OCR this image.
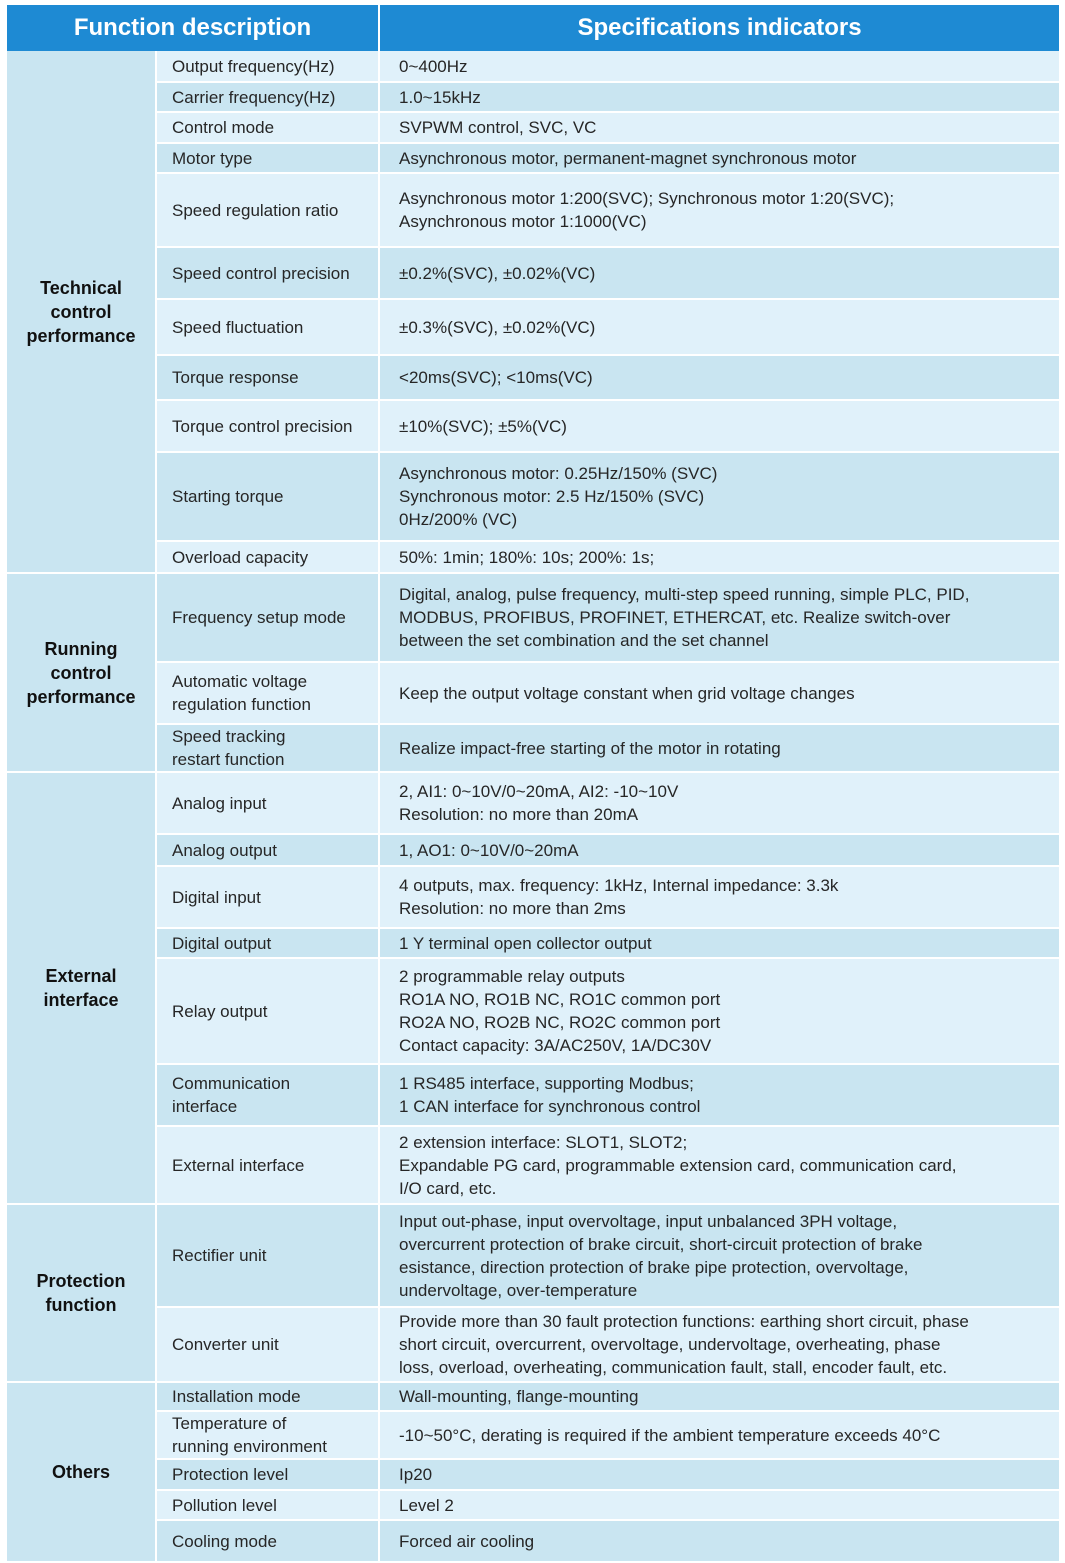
Function description		Specifications indicators

Technical
control
performance	Output frequency(Hz)	0~400Hz
	Carrier frequency(Hz)	1.0~15kHz
	Control mode	SVPWM control, SVC, VC
	Motor type	Asynchronous motor, permanent-magnet synchronous motor
	Speed regulation ratio	Asynchronous motor 1:200(SVC); Synchronous motor 1:20(SVC);
Asynchronous motor 1:1000(VC)
	Speed control precision	±0.2%(SVC), ±0.02%(VC)
	Speed fluctuation	±0.3%(SVC), ±0.02%(VC)
	Torque response	<20ms(SVC); <10ms(VC)
	Torque control precision	±10%(SVC); ±5%(VC)
	Starting torque	Asynchronous motor: 0.25Hz/150% (SVC)
Synchronous motor: 2.5 Hz/150% (SVC)
0Hz/200% (VC)
	Overload capacity	50%: 1min; 180%: 10s; 200%: 1s;

Running
control
performance	Frequency setup mode	Digital, analog, pulse frequency, multi-step speed running, simple PLC, PID,
MODBUS, PROFIBUS, PROFINET, ETHERCAT, etc. Realize switch-over
between the set combination and the set channel
	Automatic voltage
regulation function	Keep the output voltage constant when grid voltage changes
	Speed tracking
restart function	Realize impact-free starting of the motor in rotating

External
interface	Analog input	2, AI1: 0~10V/0~20mA, AI2: -10~10V
Resolution: no more than 20mA
	Analog output	1, AO1: 0~10V/0~20mA
	Digital input	4 outputs, max. frequency: 1kHz, Internal impedance: 3.3k
Resolution: no more than 2ms
	Digital output	1 Y terminal open collector output
	Relay output	2 programmable relay outputs
RO1A NO, RO1B NC, RO1C common port
RO2A NO, RO2B NC, RO2C common port
Contact capacity: 3A/AC250V, 1A/DC30V
	Communication
interface	1 RS485 interface, supporting Modbus;
1 CAN interface for synchronous control
	External interface	2 extension interface: SLOT1, SLOT2;
Expandable PG card, programmable extension card, communication card,
I/O card, etc.

Protection
function	Rectifier unit	Input out-phase, input overvoltage, input unbalanced 3PH voltage,
overcurrent protection of brake circuit, short-circuit protection of brake
esistance, direction protection of brake pipe protection, overvoltage,
undervoltage, over-temperature
	Converter unit	Provide more than 30 fault protection functions: earthing short circuit, phase
short circuit, overcurrent, overvoltage, undervoltage, overheating, phase
loss, overload, overheating, communication fault, stall, encoder fault, etc.

Others	Installation mode	Wall-mounting, flange-mounting
	Temperature of
running environment	-10~50°C, derating is required if the ambient temperature exceeds 40°C
	Protection level	Ip20
	Pollution level	Level 2
	Cooling mode	Forced air cooling
